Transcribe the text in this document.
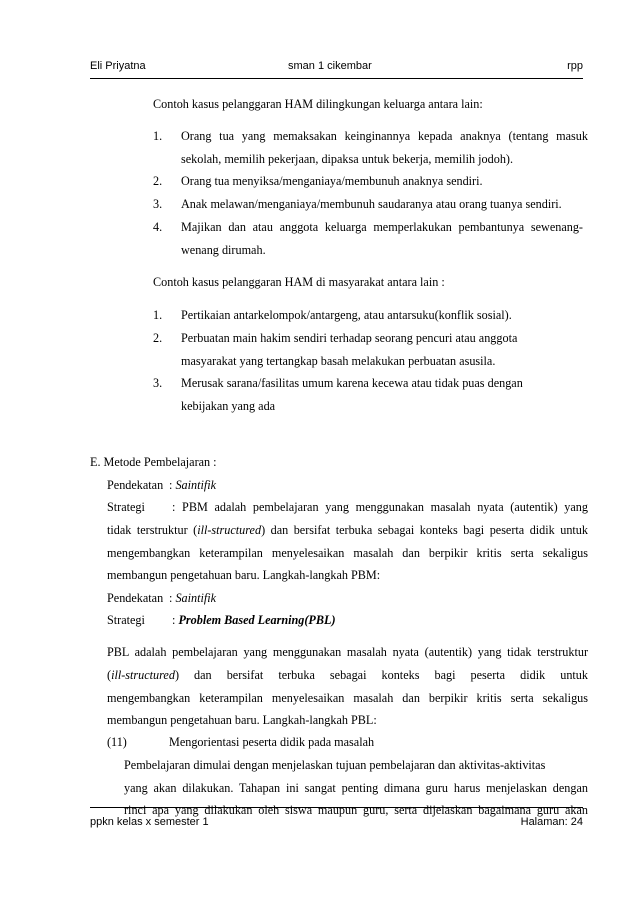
Eli Priyatna	sman 1 cikembar	rpp
Contoh kasus pelanggaran HAM dilingkungan keluarga antara lain:
1. Orang tua yang memaksakan keinginannya kepada anaknya (tentang masuk
sekolah, memilih pekerjaan, dipaksa untuk bekerja, memilih jodoh).
2. Orang tua menyiksa/menganiaya/membunuh anaknya sendiri.
3. Anak melawan/menganiaya/membunuh saudaranya atau orang tuanya sendiri.
4. Majikan dan atau anggota keluarga memperlakukan pembantunya sewenang-
wenang dirumah.
Contoh kasus pelanggaran HAM di masyarakat antara lain :
1. Pertikaian antarkelompok/antargeng, atau antarsuku(konflik sosial).
2. Perbuatan main hakim sendiri terhadap seorang pencuri atau anggota
masyarakat yang tertangkap basah melakukan perbuatan asusila.
3. Merusak sarana/fasilitas umum karena kecewa atau tidak puas dengan
kebijakan yang ada
E. Metode Pembelajaran :
Pendekatan : Saintifik
Strategi : PBM adalah pembelajaran yang menggunakan masalah nyata (autentik) yang
tidak terstruktur (ill-structured) dan bersifat terbuka sebagai konteks bagi peserta didik untuk
mengembangkan keterampilan menyelesaikan masalah dan berpikir kritis serta sekaligus
membangun pengetahuan baru. Langkah-langkah PBM:
Pendekatan : Saintifik
Strategi : Problem Based Learning(PBL)
PBL adalah pembelajaran yang menggunakan masalah nyata (autentik) yang tidak terstruktur
(ill-structured) dan bersifat terbuka sebagai konteks bagi peserta didik untuk
mengembangkan keterampilan menyelesaikan masalah dan berpikir kritis serta sekaligus
membangun pengetahuan baru. Langkah-langkah PBL:
(11)	Mengorientasi peserta didik pada masalah
Pembelajaran dimulai dengan menjelaskan tujuan pembelajaran dan aktivitas-aktivitas
yang akan dilakukan. Tahapan ini sangat penting dimana guru harus menjelaskan dengan
rinci apa yang dilakukan oleh siswa maupun guru, serta dijelaskan bagaimana guru akan
ppkn kelas x semester 1	Halaman: 24
